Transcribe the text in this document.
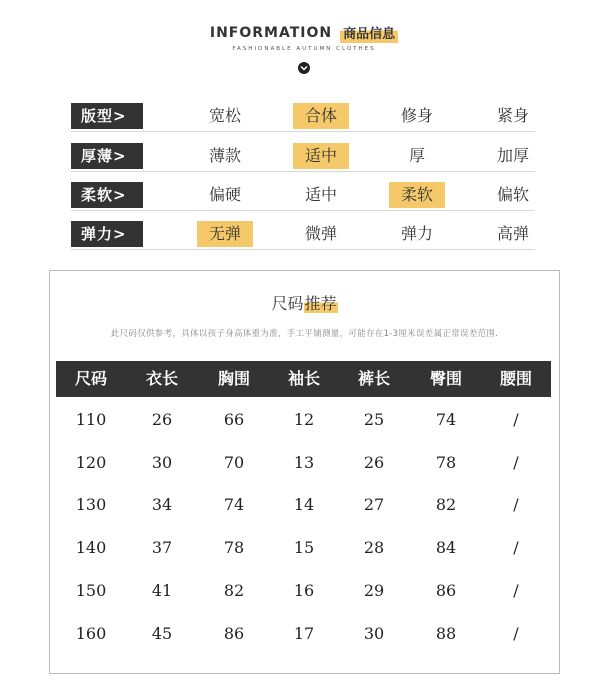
INFORMATION 商品信息
FASHIONABLE AUTUMN CLOTHES
版型>	宽松	合体	修身	紧身
厚薄>	薄款	适中	厚	加厚
柔软>	偏硬	适中	柔软	偏软
弹力>	无弹	微弹	弹力	高弹
尺码推荐
此尺码仅供参考，具体以孩子身高体重为准，手工平铺测量，可能存在1-3厘米误差属正常误差范围.
尺码	衣长	胸围	袖长	裤长	臀围	腰围
110	26	66	12	25	74	/
120	30	70	13	26	78	/
130	34	74	14	27	82	/
140	37	78	15	28	84	/
150	41	82	16	29	86	/
160	45	86	17	30	88	/
